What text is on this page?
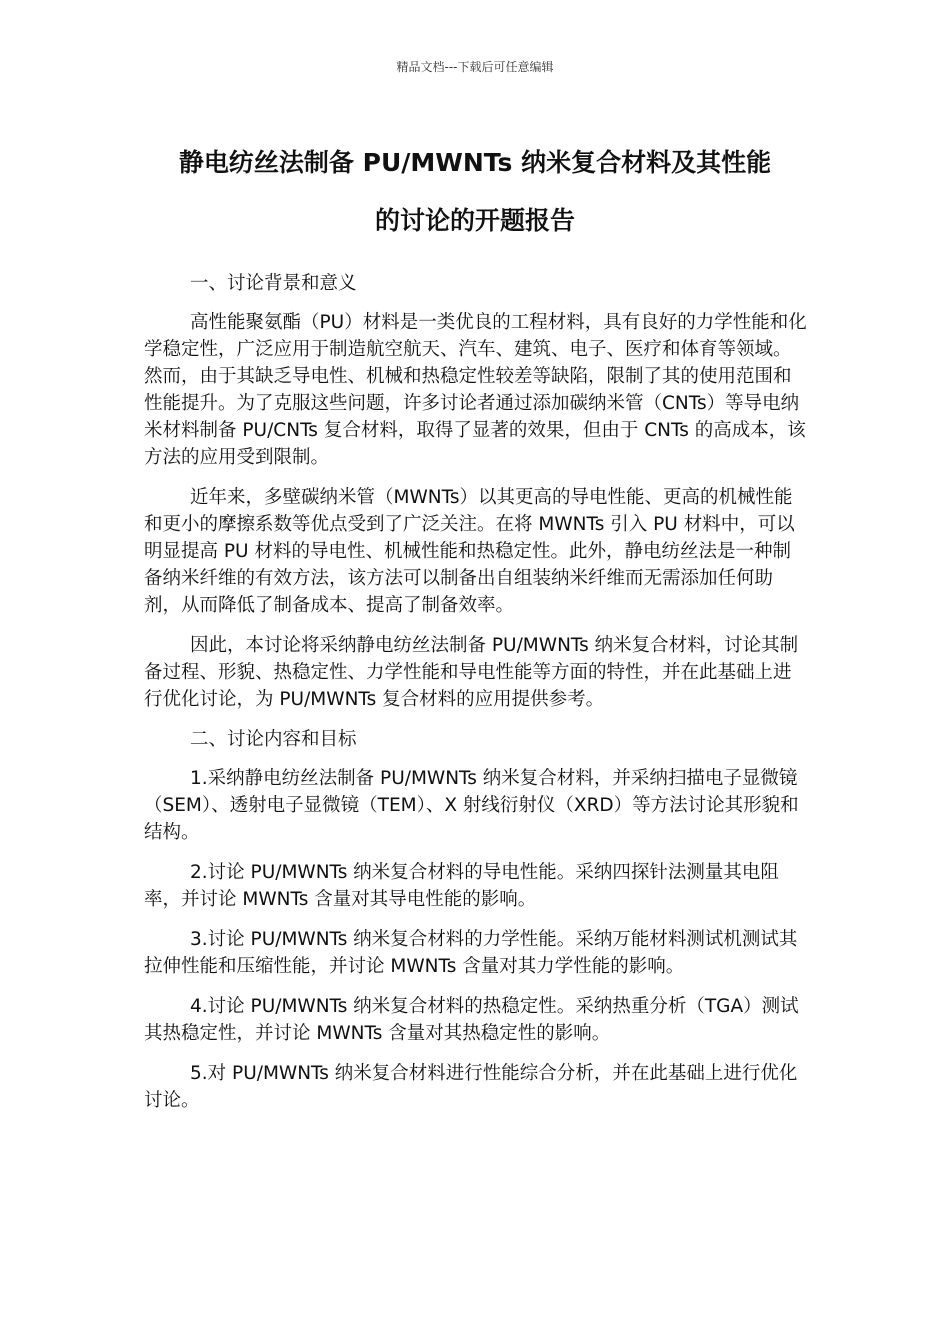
精品文档---下载后可任意编辑
静电纺丝法制备 PU/MWNTs 纳米复合材料及其性能
的讨论的开题报告

一、讨论背景和意义

高性能聚氨酯（PU）材料是一类优良的工程材料，具有良好的力学性能和化学稳定性，广泛应用于制造航空航天、汽车、建筑、电子、医疗和体育等领域。然而，由于其缺乏导电性、机械和热稳定性较差等缺陷，限制了其的使用范围和性能提升。为了克服这些问题，许多讨论者通过添加碳纳米管（CNTs）等导电纳米材料制备 PU/CNTs 复合材料，取得了显著的效果，但由于 CNTs 的高成本，该方法的应用受到限制。

近年来，多壁碳纳米管（MWNTs）以其更高的导电性能、更高的机械性能和更小的摩擦系数等优点受到了广泛关注。在将 MWNTs 引入 PU 材料中，可以明显提高 PU 材料的导电性、机械性能和热稳定性。此外，静电纺丝法是一种制备纳米纤维的有效方法，该方法可以制备出自组装纳米纤维而无需添加任何助剂，从而降低了制备成本、提高了制备效率。

因此，本讨论将采纳静电纺丝法制备 PU/MWNTs 纳米复合材料，讨论其制备过程、形貌、热稳定性、力学性能和导电性能等方面的特性，并在此基础上进行优化讨论，为 PU/MWNTs 复合材料的应用提供参考。

二、讨论内容和目标

1.采纳静电纺丝法制备 PU/MWNTs 纳米复合材料，并采纳扫描电子显微镜（SEM）、透射电子显微镜（TEM）、X 射线衍射仪（XRD）等方法讨论其形貌和结构。

2.讨论 PU/MWNTs 纳米复合材料的导电性能。采纳四探针法测量其电阻率，并讨论 MWNTs 含量对其导电性能的影响。

3.讨论 PU/MWNTs 纳米复合材料的力学性能。采纳万能材料测试机测试其拉伸性能和压缩性能，并讨论 MWNTs 含量对其力学性能的影响。

4.讨论 PU/MWNTs 纳米复合材料的热稳定性。采纳热重分析（TGA）测试其热稳定性，并讨论 MWNTs 含量对其热稳定性的影响。

5.对 PU/MWNTs 纳米复合材料进行性能综合分析，并在此基础上进行优化讨论。
